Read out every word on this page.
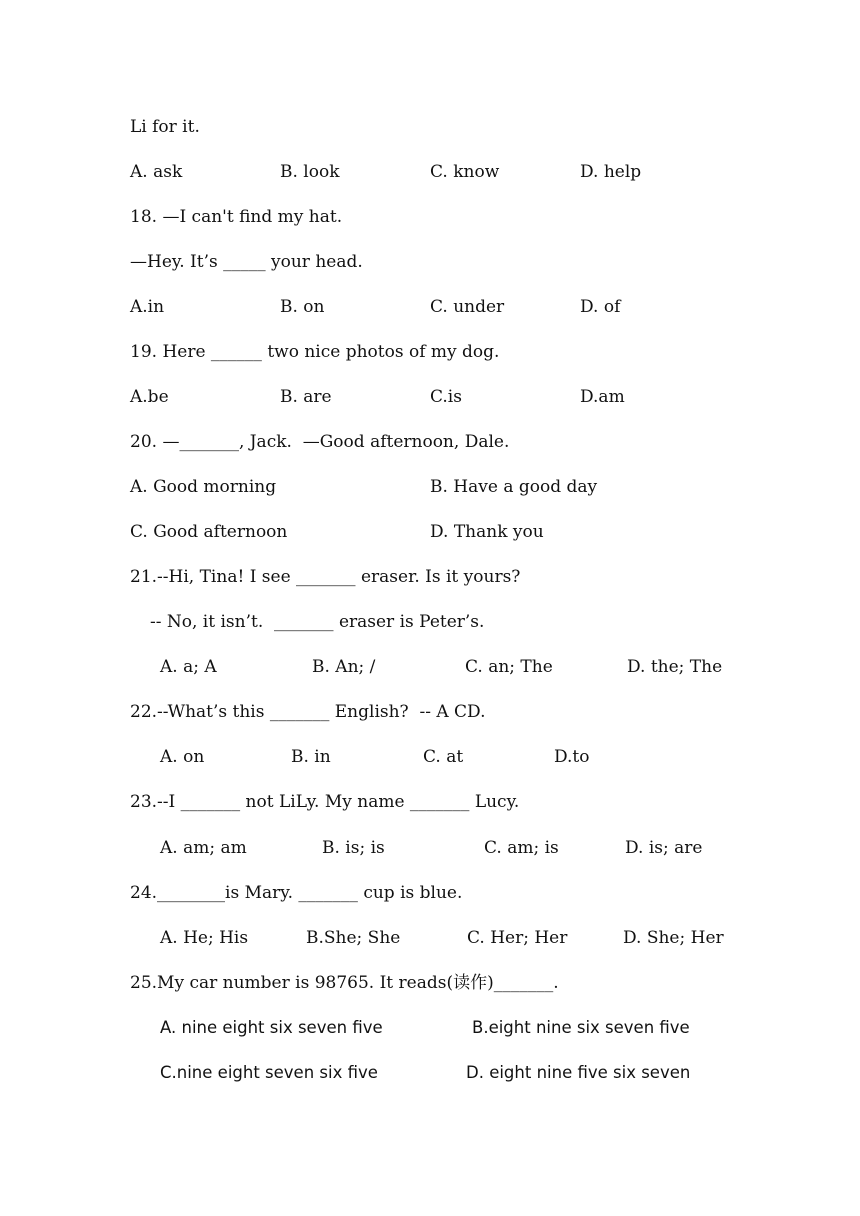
Li for it.
A. ask	B. look	C. know	D. help
18. —I can't find my hat.
—Hey. It’s _____ your head.
A.in	B. on	C. under	D. of
19. Here ______ two nice photos of my dog.
A.be	B. are	C.is	D.am
20. —_______, Jack.  —Good afternoon, Dale.
A. Good morning	B. Have a good day
C. Good afternoon	D. Thank you
21.--Hi, Tina! I see _______ eraser. Is it yours?
-- No, it isn’t.  _______ eraser is Peter’s.
A. a; A	B. An; /	C. an; The	D. the; The
22.--What’s this _______ English?  -- A CD.
A. on	B. in	C. at	D.to
23.--I _______ not LiLy. My name _______ Lucy.
A. am; am	B. is; is	C. am; is	D. is; are
24.________is Mary. _______ cup is blue.
A. He; His	B.She; She	C. Her; Her	D. She; Her
25.My car number is 98765. It reads(读作)_______.
A. nine eight six seven five	B.eight nine six seven five
C.nine eight seven six five	D. eight nine five six seven
